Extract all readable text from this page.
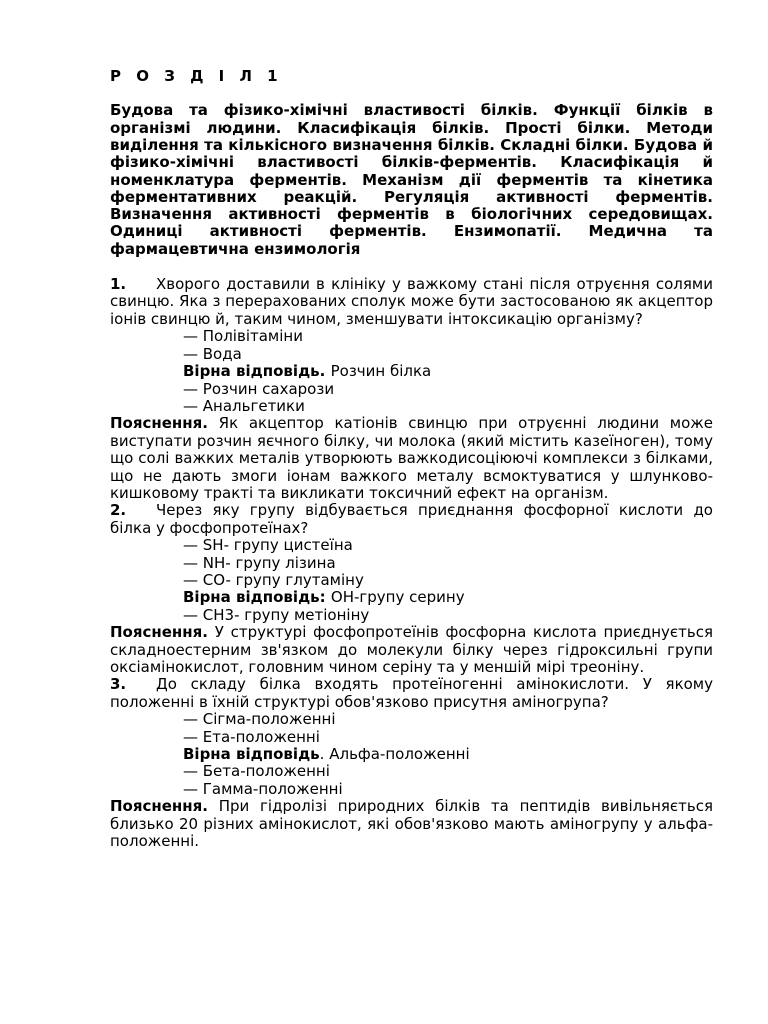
Р О З Д І Л 1
Будова та фізико-хімічні властивості білків. Функції білків в організмі людини. Класифікація білків. Прості білки. Методи виділення та кількісного визначення білків. Складні білки. Будова й фізико-хімічні властивості білків-ферментів. Класифікація й номенклатура ферментів. Механізм дії ферментів та кінетика ферментативних реакцій. Регуляція активності ферментів. Визначення активності ферментів в біологічних середовищах. Одиниці активності ферментів. Ензимопатії. Медична та фармацевтична ензимологія

1. Хворого доставили в клініку у важкому стані після отруєння солями свинцю. Яка з перерахованих сполук може бути застосованою як акцептор іонів свинцю й, таким чином, зменшувати інтоксикацію організму?

— Полівітаміни

— Вода

Вірна відповідь. Розчин білка

— Розчин сахарози

— Анальгетики

Пояснення. Як акцептор катіонів свинцю при отруєнні людини може виступати розчин яєчного білку, чи молока (який містить казеїноген), тому що солі важких металів утворюють важкодисоціюючі комплекси з білками, що не дають змоги іонам важкого металу всмоктуватися у шлунково-кишковому тракті та викликати токсичний ефект на організм.

2. Через яку групу відбувається приєднання фосфорної кислоти до білка у фосфопротеїнах?

— SH- групу цистеїна

— NH- групу лізина

— CO- групу глутаміну

Вірна відповідь: OH-групу серину

— CH3- групу метіоніну

Пояснення. У структурі фосфопротеїнів фосфорна кислота приєднується складноестерним зв'язком до молекули білку через гідроксильні групи оксіамінокислот, головним чином серіну та у меншій мірі треоніну.

3. До складу білка входять протеїногенні амінокислоти. У якому положенні в їхній структурі обов'язково присутня аміногрупа?

— Сігма-положенні

— Ета-положенні

Вірна відповідь. Альфа-положенні

— Бета-положенні

— Гамма-положенні

Пояснення. При гідролізі природних білків та пептидів вивільняється близько 20 різних амінокислот, які обов'язково мають аміногрупу у альфа-положенні.
